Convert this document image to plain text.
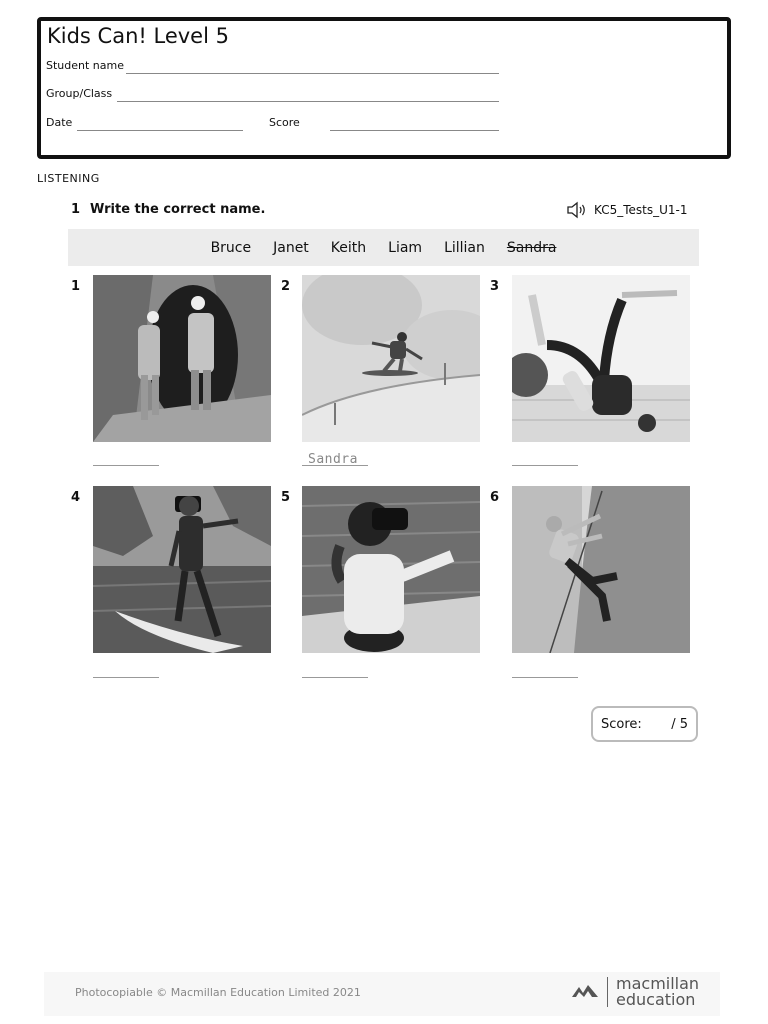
Kids Can! Level 5
Student name
Group/Class
Date	Score
LISTENING
1 Write the correct name.	KC5_Tests_U1-1
Bruce Janet Keith Liam Lillian Sandra
1	2
Sandra
3
4	5	6
Score: / 5
Photocopiable © Macmillan Education Limited 2021	macmillan
education
